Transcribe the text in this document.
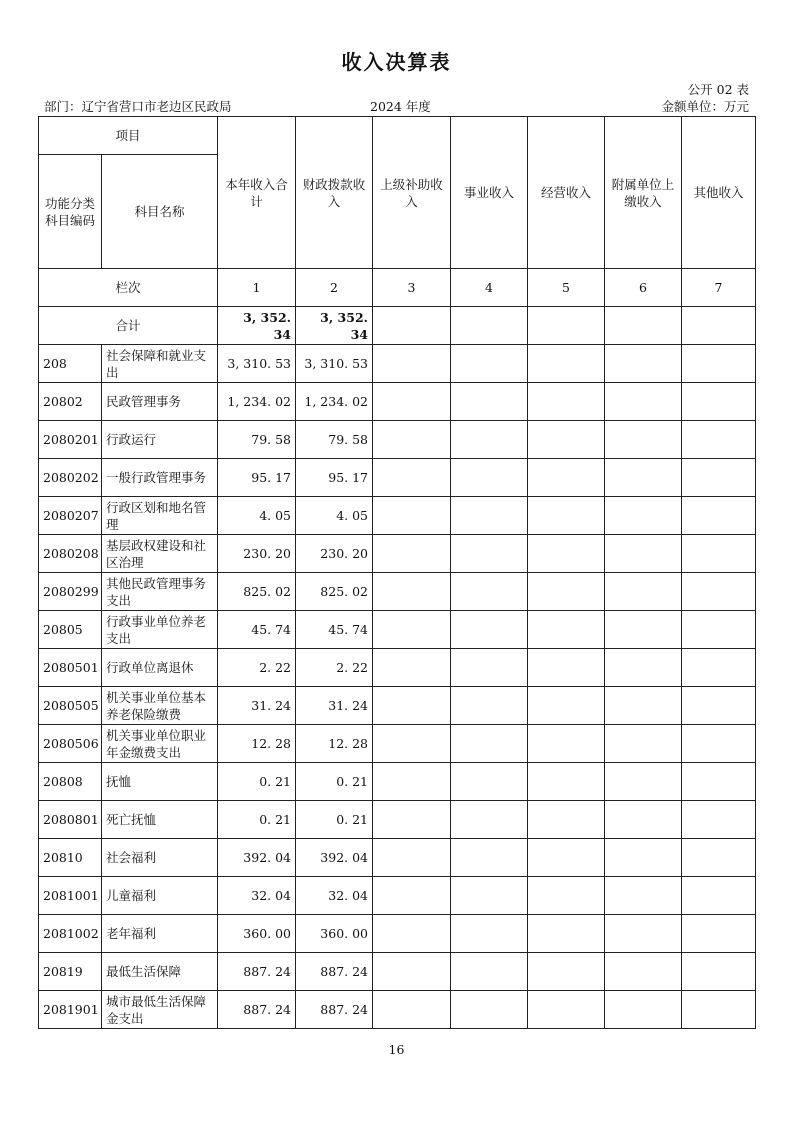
收入决算表
公开 02 表
部门：辽宁省营口市老边区民政局	2024 年度	金额单位：万元
项目		本年收入合计	财政拨款收入	上级补助收入	事业收入	经营收入	附属单位上缴收入	其他收入
功能分类科目编码	科目名称							
栏次		1	2	3	4	5	6	7
合计		3, 352. 34	3, 352. 34					
208	社会保障和就业支出	3, 310. 53	3, 310. 53					
20802	民政管理事务	1, 234. 02	1, 234. 02					
2080201	行政运行	79. 58	79. 58					
2080202	一般行政管理事务	95. 17	95. 17					
2080207	行政区划和地名管理	4. 05	4. 05					
2080208	基层政权建设和社区治理	230. 20	230. 20					
2080299	其他民政管理事务支出	825. 02	825. 02					
20805	行政事业单位养老支出	45. 74	45. 74					
2080501	行政单位离退休	2. 22	2. 22					
2080505	机关事业单位基本养老保险缴费	31. 24	31. 24					
2080506	机关事业单位职业年金缴费支出	12. 28	12. 28					
20808	抚恤	0. 21	0. 21					
2080801	死亡抚恤	0. 21	0. 21					
20810	社会福利	392. 04	392. 04					
2081001	儿童福利	32. 04	32. 04					
2081002	老年福利	360. 00	360. 00					
20819	最低生活保障	887. 24	887. 24					
2081901	城市最低生活保障金支出	887. 24	887. 24					
16
